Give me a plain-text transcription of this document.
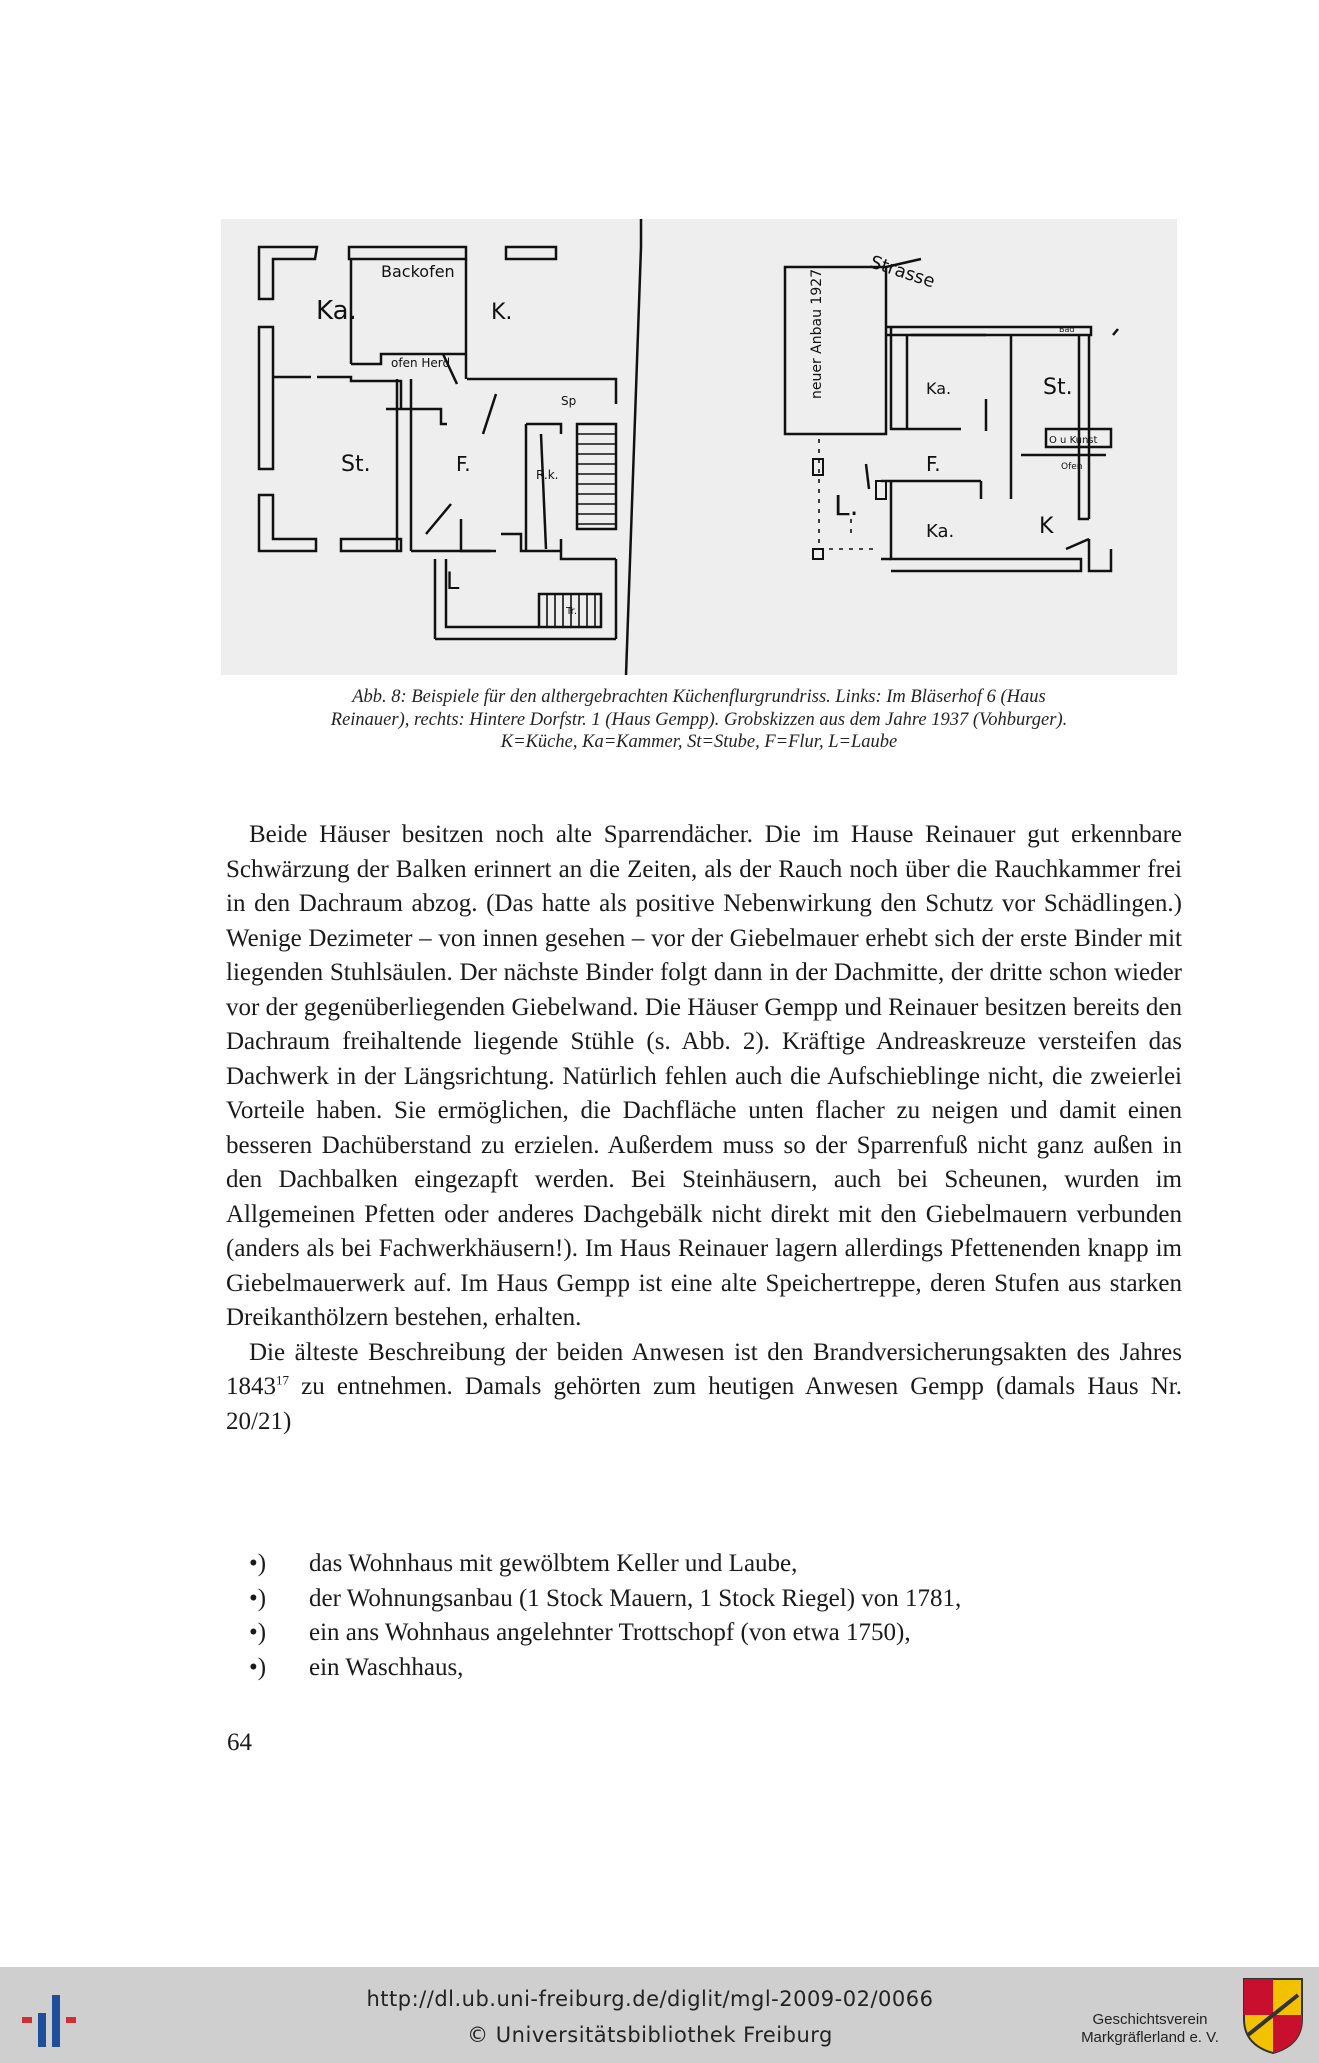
Backofen
Ka.	K.
ofen Herd
St.	F.	R.k.
Sp
L
Tr.
Strasse
neuer Anbau 1927.	Ka.	St.
O u Kunst
Ofen
F.
L.
Ka.	K
Bad
Abb. 8: Beispiele für den althergebrachten Küchenflurgrundriss. Links: Im Bläserhof 6 (Haus
Reinauer), rechts: Hintere Dorfstr. 1 (Haus Gempp). Grobskizzen aus dem Jahre 1937 (Vohburger).
K=Küche, Ka=Kammer, St=Stube, F=Flur, L=Laube

Beide Häuser besitzen noch alte Sparrendächer. Die im Hause Reinauer gut erkennbare Schwärzung der Balken erinnert an die Zeiten, als der Rauch noch über die Rauchkammer frei in den Dachraum abzog. (Das hatte als positive Nebenwirkung den Schutz vor Schädlingen.) Wenige Dezimeter – von innen gesehen – vor der Giebelmauer erhebt sich der erste Binder mit liegenden Stuhlsäulen. Der nächste Binder folgt dann in der Dachmitte, der dritte schon wieder vor der gegenüberliegenden Giebelwand. Die Häuser Gempp und Reinauer besitzen bereits den Dachraum freihaltende liegende Stühle (s. Abb. 2). Kräftige Andreaskreuze versteifen das Dachwerk in der Längsrichtung. Natürlich fehlen auch die Aufschieblinge nicht, die zweierlei Vorteile haben. Sie ermöglichen, die Dachfläche unten flacher zu neigen und damit einen besseren Dachüberstand zu erzielen. Außerdem muss so der Sparrenfuß nicht ganz außen in den Dachbalken eingezapft werden. Bei Steinhäusern, auch bei Scheunen, wurden im Allgemeinen Pfetten oder anderes Dachgebälk nicht direkt mit den Giebelmauern verbunden (anders als bei Fachwerkhäusern!). Im Haus Reinauer lagern allerdings Pfettenenden knapp im Giebelmauerwerk auf. Im Haus Gempp ist eine alte Speichertreppe, deren Stufen aus starken Dreikanthölzern bestehen, erhalten.

Die älteste Beschreibung der beiden Anwesen ist den Brandversicherungsakten des Jahres 1843$^{17}$ zu entnehmen. Damals gehörten zum heutigen Anwesen Gempp (damals Haus Nr. 20/21)

•)	das Wohnhaus mit gewölbtem Keller und Laube,
•)	der Wohnungsanbau (1 Stock Mauern, 1 Stock Riegel) von 1781,
•)	ein ans Wohnhaus angelehnter Trottschopf (von etwa 1750),
•)	ein Waschhaus,
64
http://dl.ub.uni-freiburg.de/diglit/mgl-2009-02/0066
© Universitätsbibliothek Freiburg
Geschichtsverein
Markgräflerland e. V.
